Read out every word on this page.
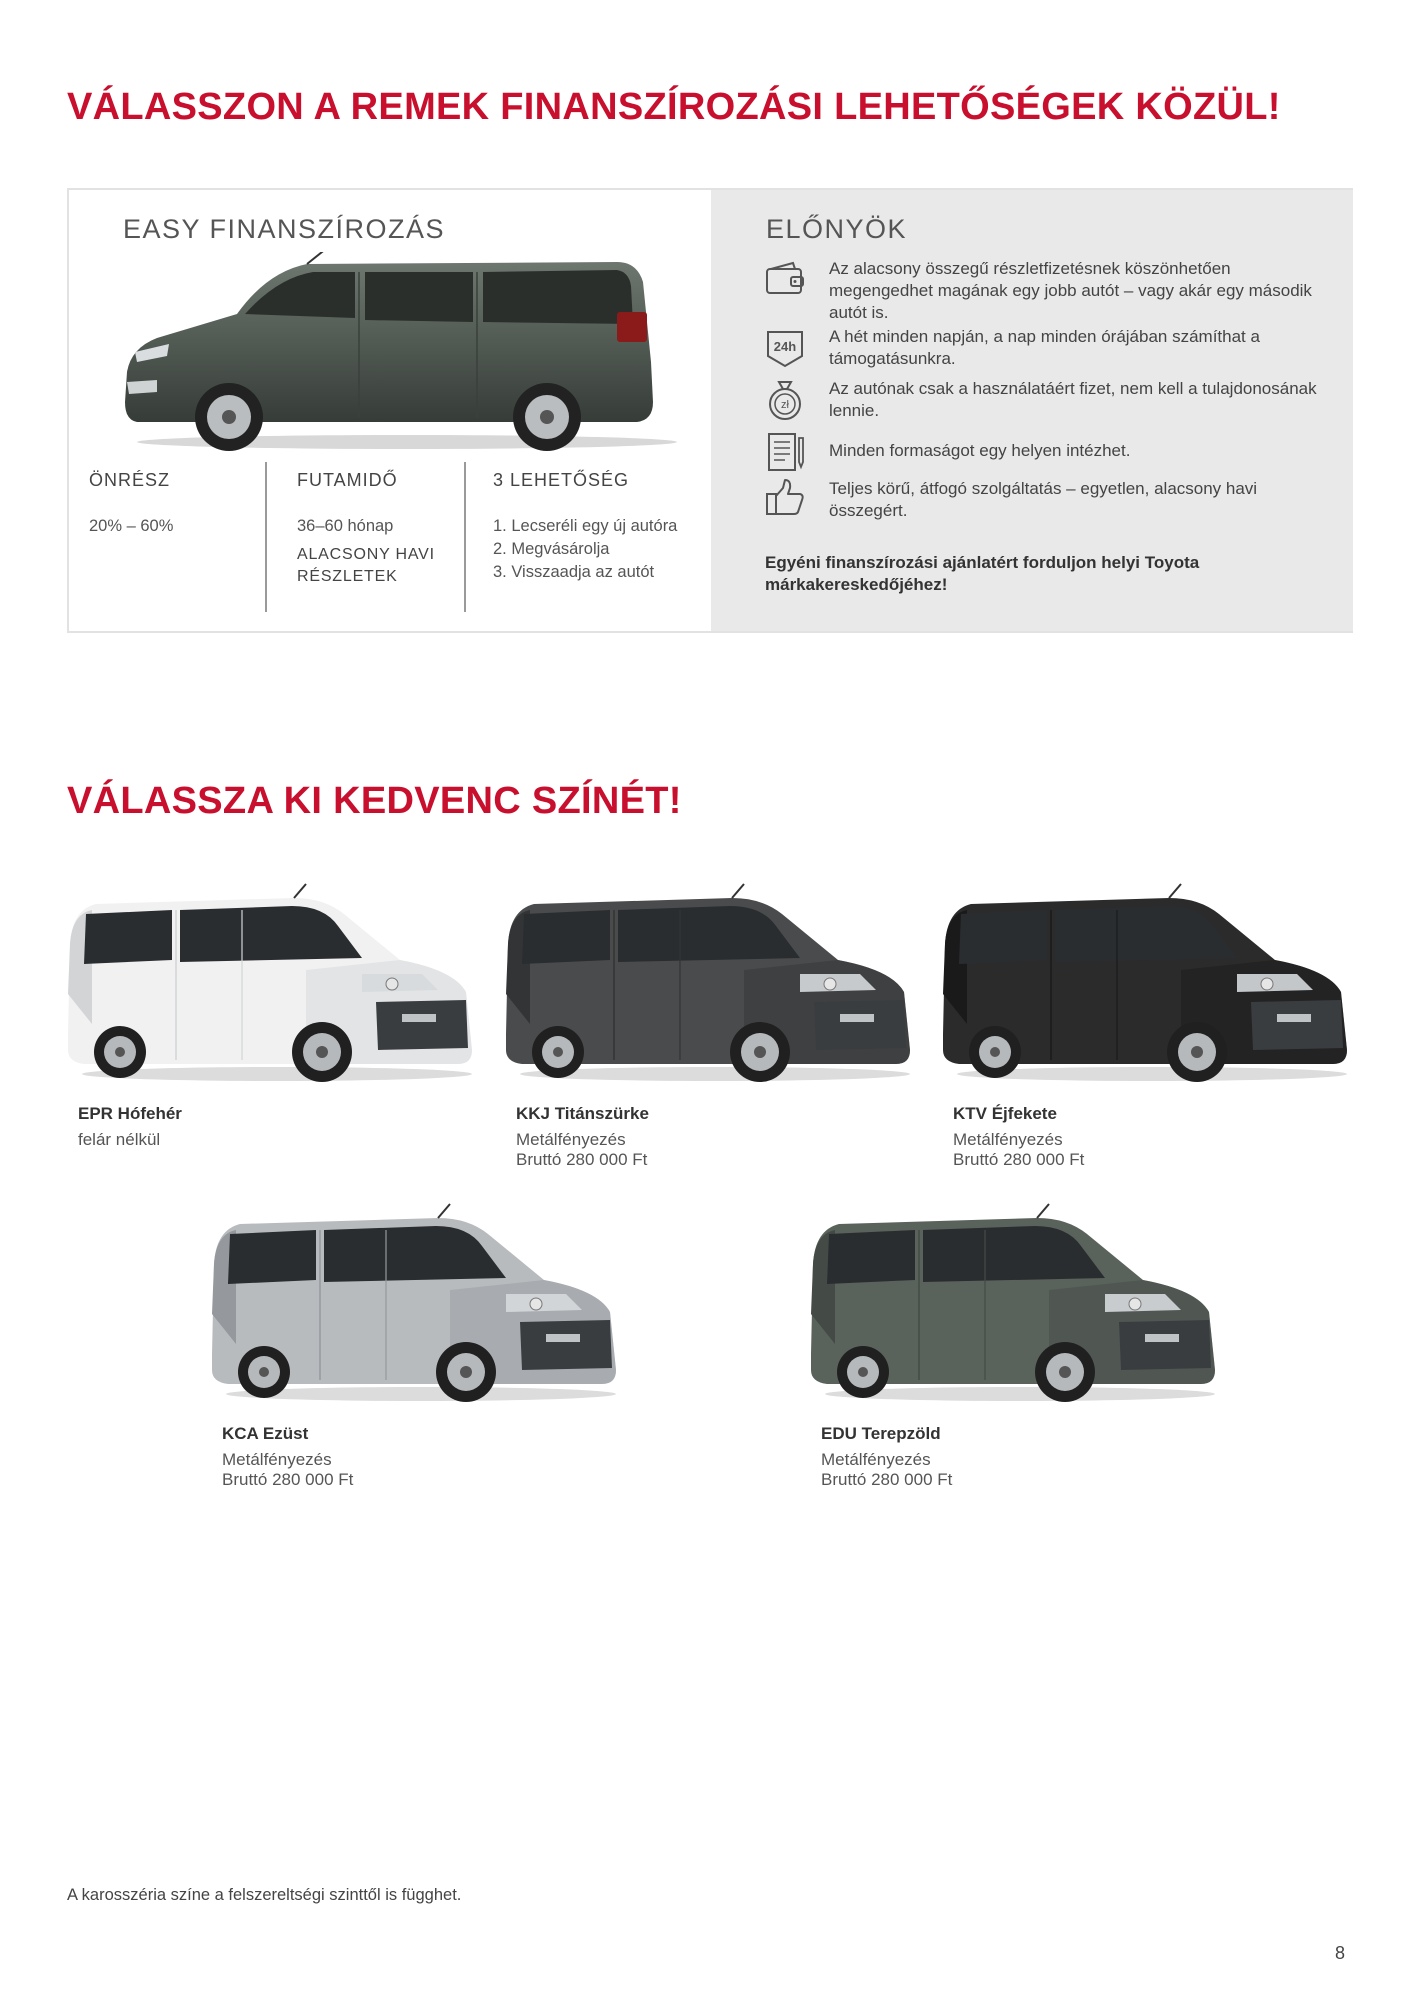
VÁLASSZON A REMEK FINANSZÍROZÁSI LEHETŐSÉGEK KÖZÜL!
EASY FINANSZÍROZÁS
ÖNRÉSZ
20% – 60%
FUTAMIDŐ
36–60 hónap
ALACSONY HAVI
RÉSZLETEK
3 LEHETŐSÉG
1. Lecseréli egy új autóra
2. Megvásárolja
3. Visszaadja az autót
ELŐNYÖK
Az alacsony összegű részletfizetésnek köszönhetően megengedhet magának egy jobb autót – vagy akár egy második autót is.
24h
A hét minden napján, a nap minden órájában számíthat a támogatásunkra.
zł
Az autónak csak a használatáért fizet, nem kell a tulajdonosának lennie.
Minden formaságot egy helyen intézhet.
Teljes körű, átfogó szolgáltatás – egyetlen, alacsony havi összegért.
Egyéni finanszírozási ajánlatért forduljon helyi Toyota márkakereskedőjéhez!
VÁLASSZA KI KEDVENC SZÍNÉT!
EPR Hófehér
felár nélkül
KKJ Titánszürke
Metálfényezés
Bruttó 280 000 Ft
KTV Éjfekete
Metálfényezés
Bruttó 280 000 Ft
KCA Ezüst
Metálfényezés
Bruttó 280 000 Ft
EDU Terepzöld
Metálfényezés
Bruttó 280 000 Ft
A karosszéria színe a felszereltségi szinttől is függhet.
8
